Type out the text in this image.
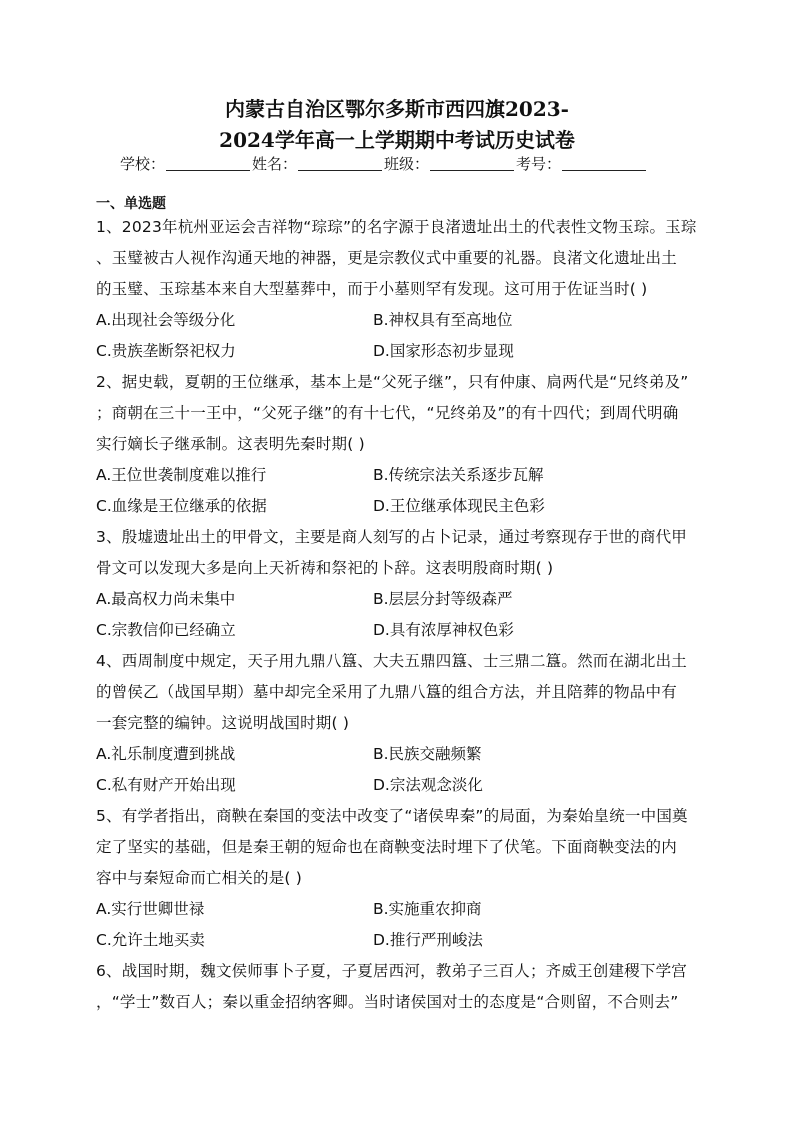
内蒙古自治区鄂尔多斯市西四旗2023-
2024学年高一上学期期中考试历史试卷
学校：	姓名：	班级：	考号：
一、单选题

1、2023年杭州亚运会吉祥物“琮琮”的名字源于良渚遗址出土的代表性文物玉琮。玉琮

、玉璧被古人视作沟通天地的神器，更是宗教仪式中重要的礼器。良渚文化遗址出土

的玉璧、玉琮基本来自大型墓葬中，而于小墓则罕有发现。这可用于佐证当时( )

A.出现社会等级分化	B.神权具有至高地位
C.贵族垄断祭祀权力	D.国家形态初步显现

2、据史载，夏朝的王位继承，基本上是“父死子继”，只有仲康、扃两代是“兄终弟及”

；商朝在三十一王中，“父死子继”的有十七代，“兄终弟及”的有十四代；到周代明确

实行嫡长子继承制。这表明先秦时期( )

A.王位世袭制度难以推行	B.传统宗法关系逐步瓦解
C.血缘是王位继承的依据	D.王位继承体现民主色彩

3、殷墟遗址出土的甲骨文，主要是商人刻写的占卜记录，通过考察现存于世的商代甲

骨文可以发现大多是向上天祈祷和祭祀的卜辞。这表明殷商时期( )

A.最高权力尚未集中	B.层层分封等级森严
C.宗教信仰已经确立	D.具有浓厚神权色彩

4、西周制度中规定，天子用九鼎八簋、大夫五鼎四簋、士三鼎二簋。然而在湖北出土

的曾侯乙（战国早期）墓中却完全采用了九鼎八簋的组合方法，并且陪葬的物品中有

一套完整的编钟。这说明战国时期( )

A.礼乐制度遭到挑战	B.民族交融频繁
C.私有财产开始出现	D.宗法观念淡化

5、有学者指出，商鞅在秦国的变法中改变了“诸侯卑秦”的局面，为秦始皇统一中国奠

定了坚实的基础，但是秦王朝的短命也在商鞅变法时埋下了伏笔。下面商鞅变法的内

容中与秦短命而亡相关的是( )

A.实行世卿世禄	B.实施重农抑商
C.允许土地买卖	D.推行严刑峻法

6、战国时期，魏文侯师事卜子夏，子夏居西河，教弟子三百人；齐威王创建稷下学宫

，“学士”数百人；秦以重金招纳客卿。当时诸侯国对士的态度是“合则留，不合则去”
